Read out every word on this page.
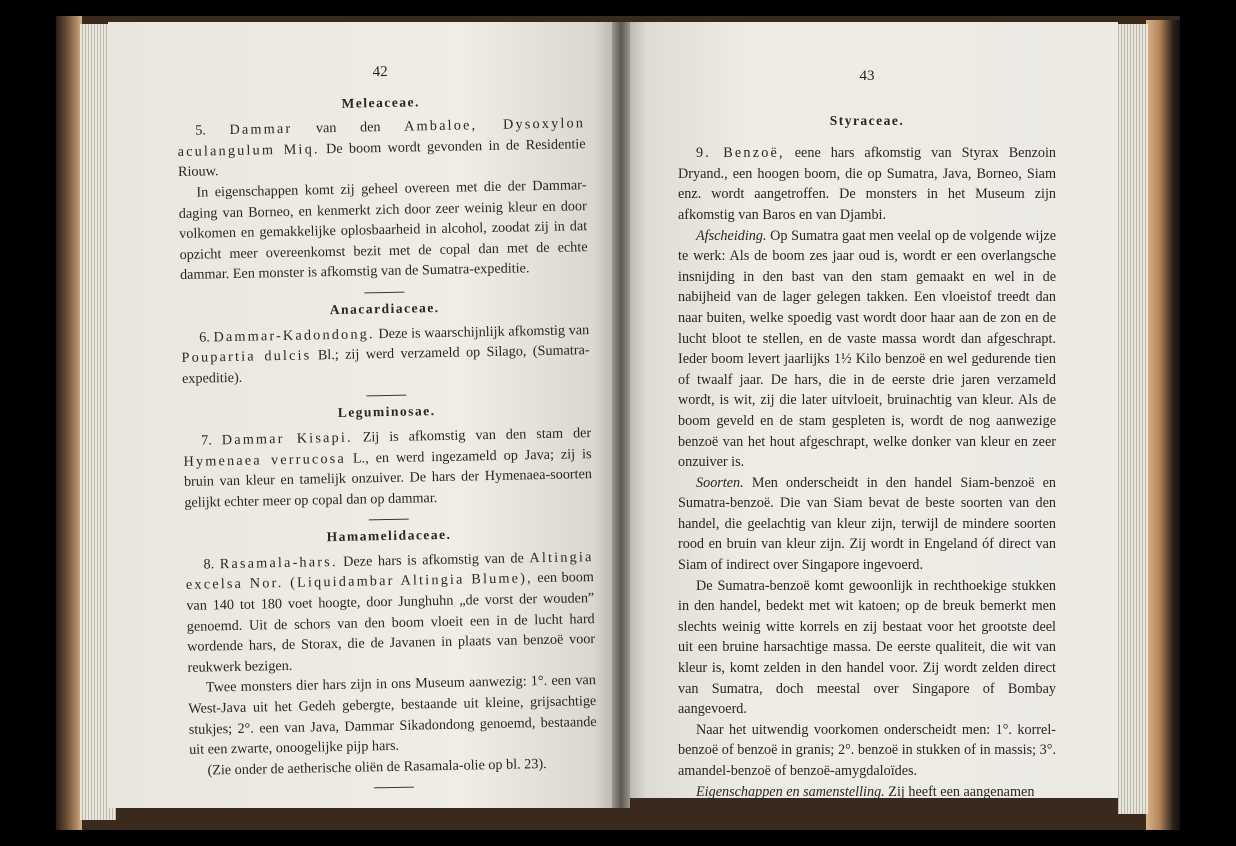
42
Meleaceae.

5. Dammar van den Ambaloe, Dysoxylon aculangulum Miq. De boom wordt gevonden in de Residentie Riouw.

In eigenschappen komt zij geheel overeen met die der Dammar-daging van Borneo, en kenmerkt zich door zeer weinig kleur en door volkomen en gemakkelijke oplosbaarheid in alcohol, zoodat zij in dat opzicht meer overeenkomst bezit met de copal dan met de echte dammar. Een monster is afkomstig van de Sumatra-expeditie.

Anacardiaceae.

6. Dammar-Kadondong. Deze is waarschijnlijk afkomstig van Poupartia dulcis Bl.; zij werd verzameld op Silago, (Sumatra-expeditie).

Leguminosae.

7. Dammar Kisapi. Zij is afkomstig van den stam der Hymenaea verrucosa L., en werd ingezameld op Java; zij is bruin van kleur en tamelijk onzuiver. De hars der Hymenaea-soorten gelijkt echter meer op copal dan op dammar.

Hamamelidaceae.

8. Rasamala-hars. Deze hars is afkomstig van de Altingia excelsa Nor. (Liquidambar Altingia Blume), een boom van 140 tot 180 voet hoogte, door Junghuhn „de vorst der wouden” genoemd. Uit de schors van den boom vloeit een in de lucht hard wordende hars, de Storax, die de Javanen in plaats van benzoë voor reukwerk bezigen.

Twee monsters dier hars zijn in ons Museum aanwezig: 1°. een van West-Java uit het Gedeh gebergte, bestaande uit kleine, grijsachtige stukjes; 2°. een van Java, Dammar Sikadondong genoemd, bestaande uit een zwarte, onoogelijke pijp hars.

(Zie onder de aetherische oliën de Rasamala-olie op bl. 23).

43
Styraceae.

9. Benzoë, eene hars afkomstig van Styrax Benzoin Dryand., een hoogen boom, die op Sumatra, Java, Borneo, Siam enz. wordt aangetroffen. De monsters in het Museum zijn afkomstig van Baros en van Djambi.

Afscheiding. Op Sumatra gaat men veelal op de volgende wijze te werk: Als de boom zes jaar oud is, wordt er een overlangsche insnijding in den bast van den stam gemaakt en wel in de nabijheid van de lager gelegen takken. Een vloeistof treedt dan naar buiten, welke spoedig vast wordt door haar aan de zon en de lucht bloot te stellen, en de vaste massa wordt dan afgeschrapt. Ieder boom levert jaarlijks 1½ Kilo benzoë en wel gedurende tien of twaalf jaar. De hars, die in de eerste drie jaren verzameld wordt, is wit, zij die later uitvloeit, bruinachtig van kleur. Als de boom geveld en de stam gespleten is, wordt de nog aanwezige benzoë van het hout afgeschrapt, welke donker van kleur en zeer onzuiver is.

Soorten. Men onderscheidt in den handel Siam-benzoë en Sumatra-benzoë. Die van Siam bevat de beste soorten van den handel, die geelachtig van kleur zijn, terwijl de mindere soorten rood en bruin van kleur zijn. Zij wordt in Engeland óf direct van Siam of indirect over Singapore ingevoerd.

De Sumatra-benzoë komt gewoonlijk in rechthoekige stukken in den handel, bedekt met wit katoen; op de breuk bemerkt men slechts weinig witte korrels en zij bestaat voor het grootste deel uit een bruine harsachtige massa. De eerste qualiteit, die wit van kleur is, komt zelden in den handel voor. Zij wordt zelden direct van Sumatra, doch meestal over Singapore of Bombay aangevoerd.

Naar het uitwendig voorkomen onderscheidt men: 1°. korrel-benzoë of benzoë in granis; 2°. benzoë in stukken of in massis; 3°. amandel-benzoë of benzoë-amygdaloïdes.

Eigenschappen en samenstelling. Zij heeft een aangenamen
